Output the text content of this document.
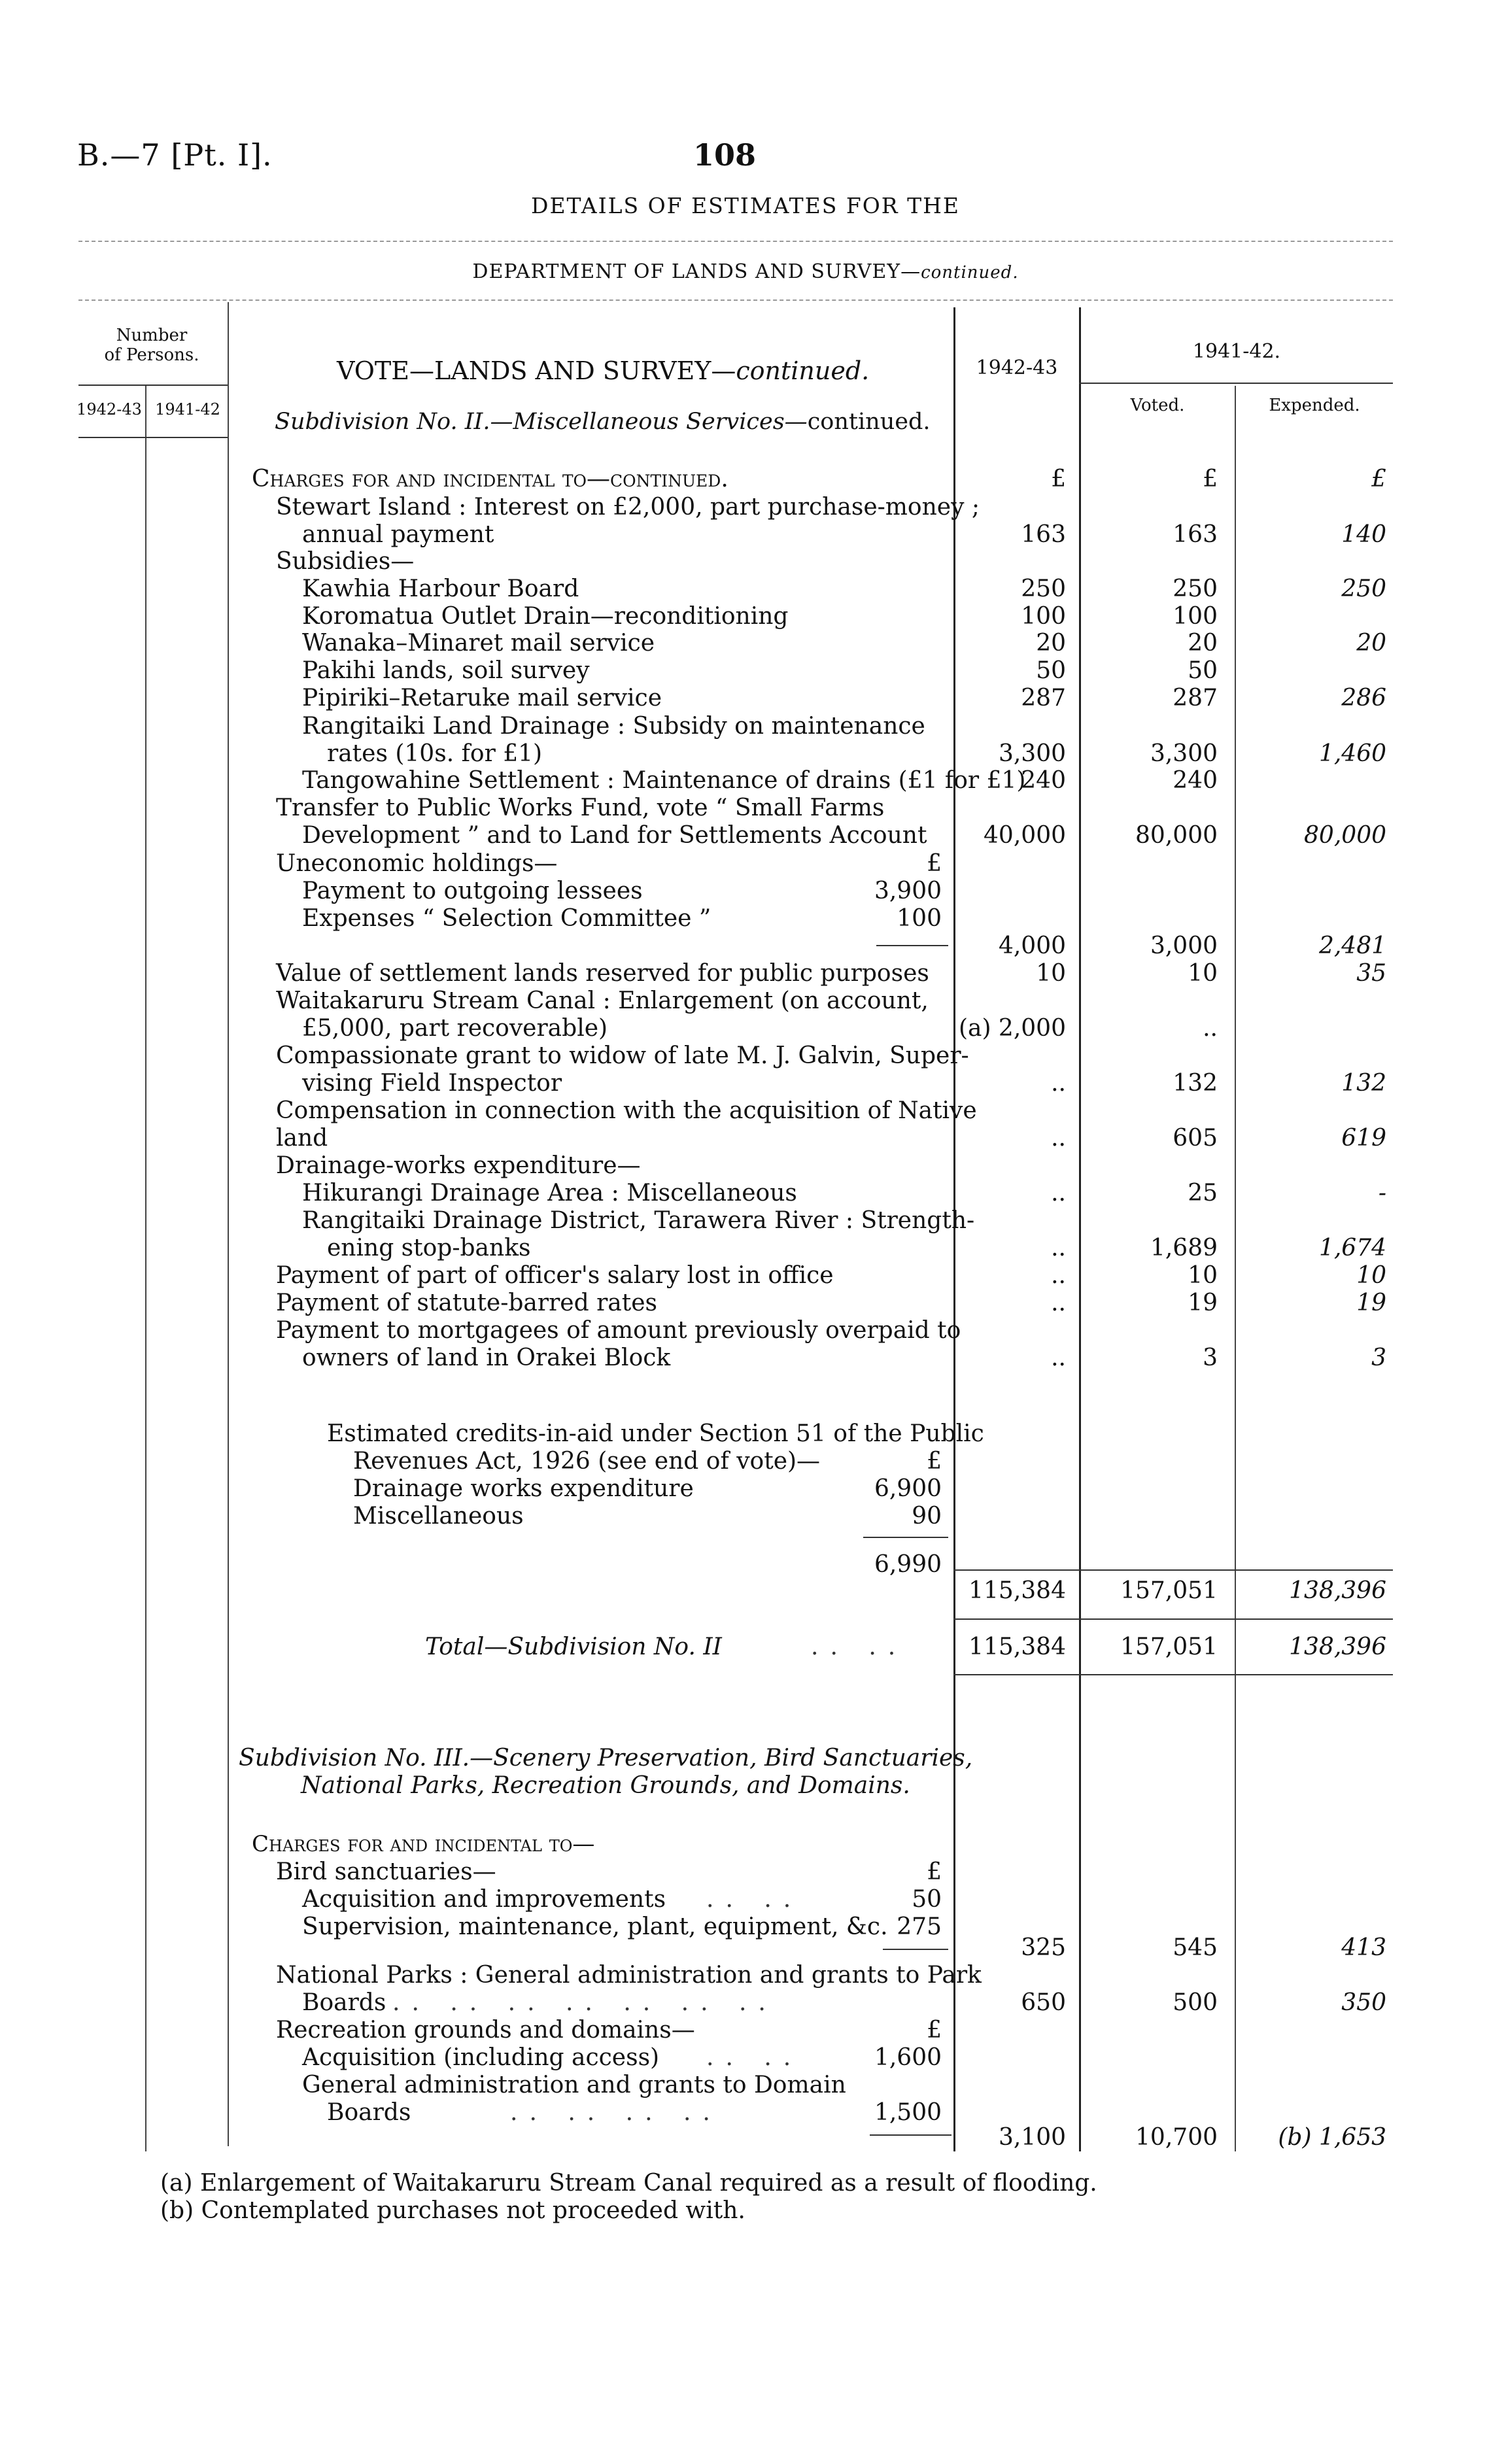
B.—7 [Pt. I].	108
DETAILS OF ESTIMATES FOR THE
DEPARTMENT OF LANDS AND SURVEY—continued.
Number
of Persons.
1942-43 1941-42
VOTE—LANDS AND SURVEY—continued.
Subdivision No. II.—Miscellaneous Services—continued.
1942-43
1941-42.
Voted.	Expended.
Charges for and incidental to—continued.	£	£	£
Stewart Island : Interest on £2,000, part purchase-money ;
annual payment	163	163	140
Subsidies—
Kawhia Harbour Board	250	250	250
Koromatua Outlet Drain—reconditioning	100	100
Wanaka–Minaret mail service	20	20	20
Pakihi lands, soil survey	50	50
Pipiriki–Retaruke mail service	287	287	286
Rangitaiki Land Drainage : Subsidy on maintenance
rates (10s. for £1)	3,300	3,300	1,460
Tangowahine Settlement : Maintenance of drains (£1 for £1)
240	240
Transfer to Public Works Fund, vote “ Small Farms
Development ” and to Land for Settlements Account	40,000	80,000	80,000
Uneconomic holdings—	£
Payment to outgoing lessees	3,900
Expenses “ Selection Committee ”	100
4,000	3,000	2,481
Value of settlement lands reserved for public purposes	10	10	35
Waitakaruru Stream Canal : Enlargement (on account,
£5,000, part recoverable)	(a) 2,000	..
Compassionate grant to widow of late M. J. Galvin, Super-
vising Field Inspector	..	132	132
Compensation in connection with the acquisition of Native
land	..	605	619
Drainage-works expenditure—
Hikurangi Drainage Area : Miscellaneous	..	25	-
Rangitaiki Drainage District, Tarawera River : Strength-
ening stop-banks	..	1,689	1,674
Payment of part of officer's salary lost in office	..	10	10
Payment of statute-barred rates	..	19	19
Payment to mortgagees of amount previously overpaid to
owners of land in Orakei Block	..	3	3
Estimated credits-in-aid under Section 51 of the Public
Revenues Act, 1926 (see end of vote)—	£
Drainage works expenditure	6,900
Miscellaneous	90
6,990
115,384	157,051	138,396
Total—Subdivision No. II	.. ..	115,384	157,051	138,396
Subdivision No. III.—Scenery Preservation, Bird Sanctuaries,
National Parks, Recreation Grounds, and Domains.
Charges for and incidental to—
Bird sanctuaries—	£
Acquisition and improvements .. ..	50
Supervision, maintenance, plant, equipment, &c. 275
325	545	413
National Parks : General administration and grants to Park
Boards .. .. .. .. .. .. ..	650	500	350
Recreation grounds and domains—	£
Acquisition (including access) .. ..	1,600
General administration and grants to Domain
Boards	.. .. .. ..	1,500
3,100	10,700	(b) 1,653
(a) Enlargement of Waitakaruru Stream Canal required as a result of flooding.
(b) Contemplated purchases not proceeded with.
